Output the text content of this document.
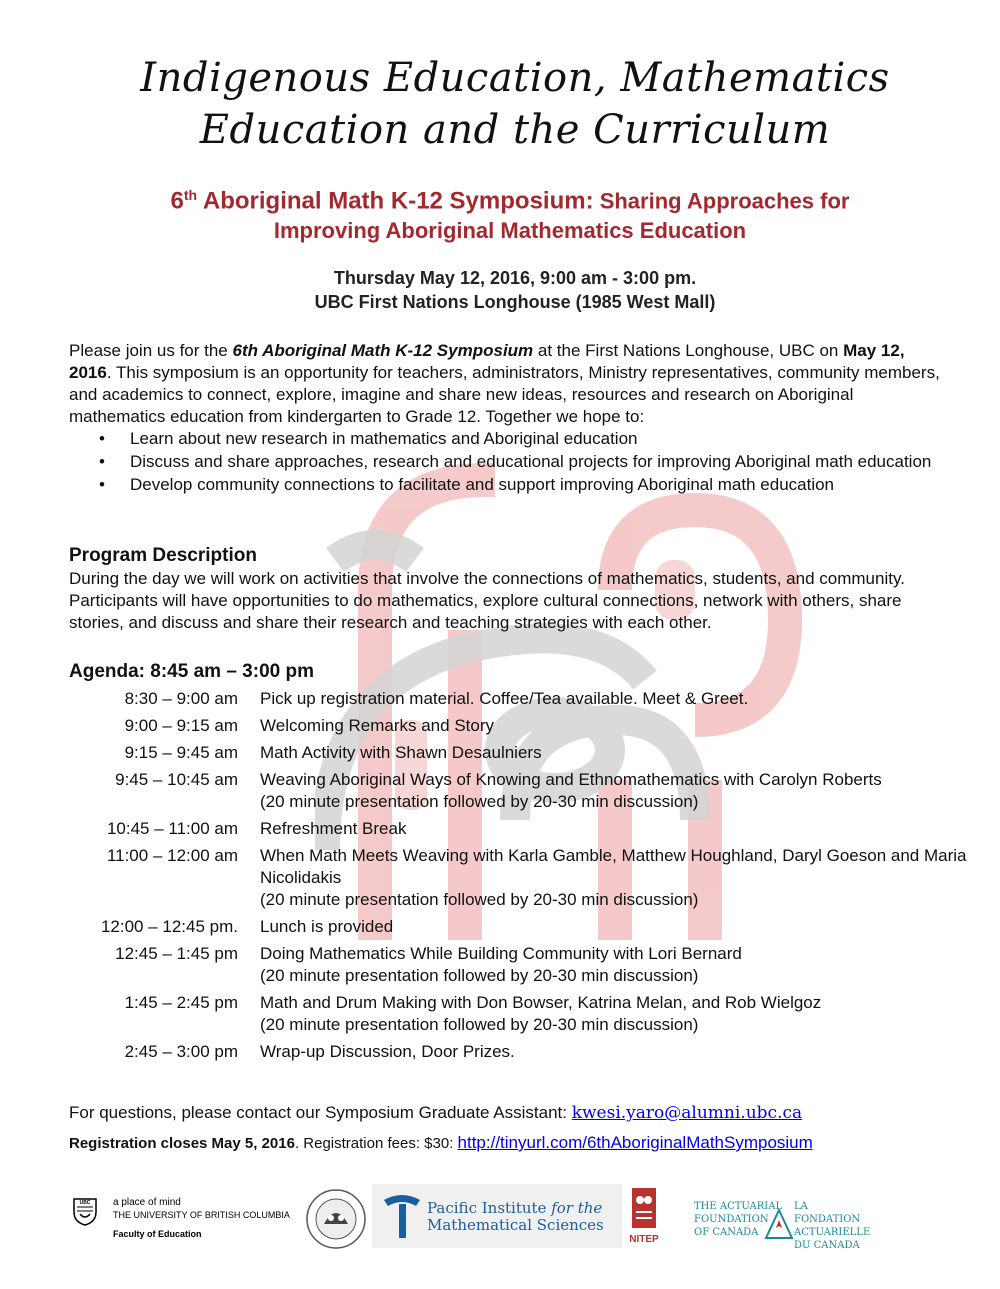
Indigenous Education, Mathematics
Education and the Curriculum
6th Aboriginal Math K-12 Symposium: Sharing Approaches for
Improving Aboriginal Mathematics Education
Thursday May 12, 2016, 9:00 am - 3:00 pm.
UBC First Nations Longhouse (1985 West Mall)
Please join us for the 6th Aboriginal Math K-12 Symposium at the First Nations Longhouse, UBC on May 12, 2016. This symposium is an opportunity for teachers, administrators, Ministry representatives, community members, and academics to connect, explore, imagine and share new ideas, resources and research on Aboriginal mathematics education from kindergarten to Grade 12. Together we hope to:
• Learn about new research in mathematics and Aboriginal education
• Discuss and share approaches, research and educational projects for improving Aboriginal math education
• Develop community connections to facilitate and support improving Aboriginal math education
Program Description
During the day we will work on activities that involve the connections of mathematics, students, and community. Participants will have opportunities to do mathematics, explore cultural connections, network with others, share stories, and discuss and share their research and teaching strategies with each other.
Agenda: 8:45 am – 3:00 pm
8:30 – 9:00 am	Pick up registration material. Coffee/Tea available. Meet & Greet.
9:00 – 9:15 am	Welcoming Remarks and Story
9:15 – 9:45 am	Math Activity with Shawn Desaulniers
9:45 – 10:45 am	Weaving Aboriginal Ways of Knowing and Ethnomathematics with Carolyn Roberts
(20 minute presentation followed by 20-30 min discussion)
10:45 – 11:00 am	Refreshment Break
11:00 – 12:00 am	When Math Meets Weaving with Karla Gamble, Matthew Houghland, Daryl Goeson and Maria Nicolidakis
(20 minute presentation followed by 20-30 min discussion)
12:00 – 12:45 pm.	Lunch is provided
12:45 – 1:45 pm	Doing Mathematics While Building Community with Lori Bernard
(20 minute presentation followed by 20-30 min discussion)
1:45 – 2:45 pm	Math and Drum Making with Don Bowser, Katrina Melan, and Rob Wielgoz
(20 minute presentation followed by 20-30 min discussion)
2:45 – 3:00 pm	Wrap-up Discussion, Door Prizes.
For questions, please contact our Symposium Graduate Assistant: kwesi.yaro@alumni.ubc.ca
Registration closes May 5, 2016. Registration fees: $30: http://tinyurl.com/6thAboriginalMathSymposium
UBC a place of mind
THE UNIVERSITY OF BRITISH COLUMBIA
Faculty of Education
Pacific Institute for the
Mathematical Sciences
NITEP
THE ACTUARIAL
FOUNDATION
OF CANADA
LA FONDATION
ACTUARIELLE
DU CANADA
